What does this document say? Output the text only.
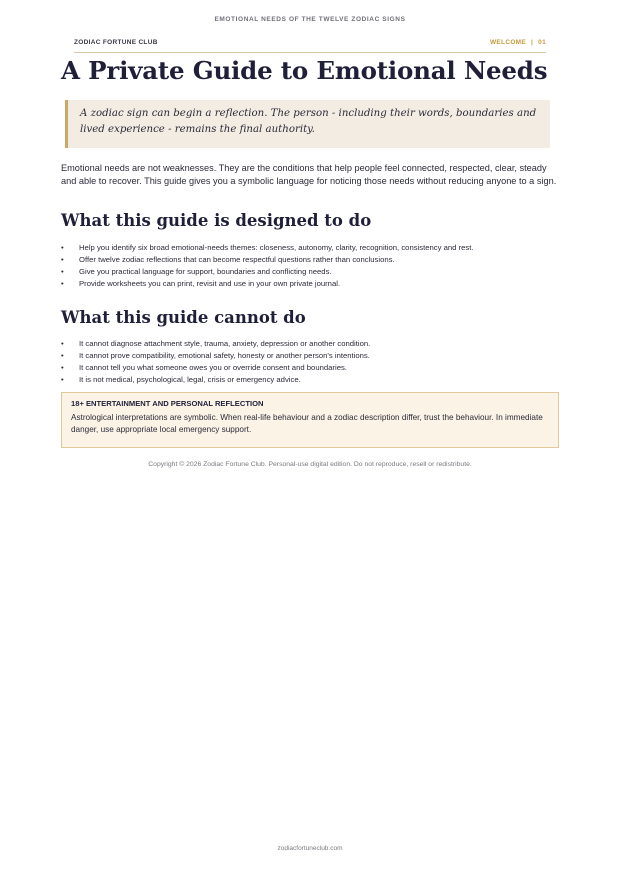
EMOTIONAL NEEDS OF THE TWELVE ZODIAC SIGNS
ZODIAC FORTUNE CLUB	WELCOME | 01
A Private Guide to Emotional Needs
A zodiac sign can begin a reflection. The person - including their words, boundaries and lived experience - remains the final authority.

Emotional needs are not weaknesses. They are the conditions that help people feel connected, respected, clear, steady and able to recover. This guide gives you a symbolic language for noticing those needs without reducing anyone to a sign.

What this guide is designed to do
• Help you identify six broad emotional-needs themes: closeness, autonomy, clarity, recognition, consistency and rest.
• Offer twelve zodiac reflections that can become respectful questions rather than conclusions.
• Give you practical language for support, boundaries and conflicting needs.
• Provide worksheets you can print, revisit and use in your own private journal.
What this guide cannot do
• It cannot diagnose attachment style, trauma, anxiety, depression or another condition.
• It cannot prove compatibility, emotional safety, honesty or another person's intentions.
• It cannot tell you what someone owes you or override consent and boundaries.
• It is not medical, psychological, legal, crisis or emergency advice.
18+ ENTERTAINMENT AND PERSONAL REFLECTION
Astrological interpretations are symbolic. When real-life behaviour and a zodiac description differ, trust the behaviour. In immediate danger, use appropriate local emergency support.
Copyright © 2026 Zodiac Fortune Club. Personal-use digital edition. Do not reproduce, resell or redistribute.
zodiacfortuneclub.com
